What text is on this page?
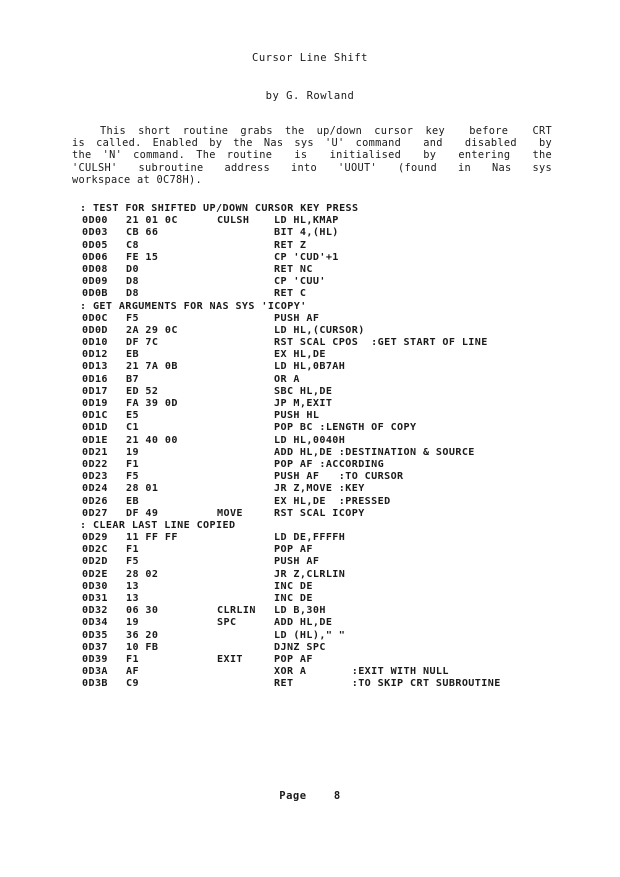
Cursor Line Shift
by G. Rowland
This short routine grabs the up/down cursor key  before  CRT
is called. Enabled by the Nas sys 'U' command  and  disabled  by
the 'N' command. The routine  is  initialised  by  entering  the
'CULSH'  subroutine  address  into  'UOUT'  (found  in  Nas  sys
workspace at 0C78H).
: TEST FOR SHIFTED UP/DOWN CURSOR KEY PRESS
0D00 21 01 0C	CULSH LD HL,KMAP
0D03 CB 66	BIT 4,(HL)
0D05 C8	RET Z
0D06 FE 15	CP 'CUD'+1
0D08 D0	RET NC
0D09 D8	CP 'CUU'
0D0B D8	RET C
: GET ARGUMENTS FOR NAS SYS 'ICOPY'
0D0C F5	PUSH AF
0D0D 2A 29 0C	LD HL,(CURSOR)
0D10 DF 7C	RST SCAL CPOS  :GET START OF LINE
0D12 EB	EX HL,DE
0D13 21 7A 0B	LD HL,0B7AH
0D16 B7	OR A
0D17 ED 52	SBC HL,DE
0D19 FA 39 0D	JP M,EXIT
0D1C E5	PUSH HL
0D1D C1	POP BC :LENGTH OF COPY
0D1E 21 40 00	LD HL,0040H
0D21 19	ADD HL,DE :DESTINATION & SOURCE
0D22 F1	POP AF :ACCORDING
0D23 F5	PUSH AF   :TO CURSOR
0D24 28 01	JR Z,MOVE :KEY
0D26 EB	EX HL,DE  :PRESSED
0D27 DF 49	MOVE	RST SCAL ICOPY
: CLEAR LAST LINE COPIED
0D29 11 FF FF	LD DE,FFFFH
0D2C F1	POP AF
0D2D F5	PUSH AF
0D2E 28 02	JR Z,CLRLIN
0D30 13	INC DE
0D31 13	INC DE
0D32 06 30	CLRLIN LD B,30H
0D34 19	SPC	ADD HL,DE
0D35 36 20	LD (HL)," "
0D37 10 FB	DJNZ SPC
0D39 F1	EXIT	POP AF
0D3A AF	XOR A       :EXIT WITH NULL
0D3B C9	RET         :TO SKIP CRT SUBROUTINE
Page	8
